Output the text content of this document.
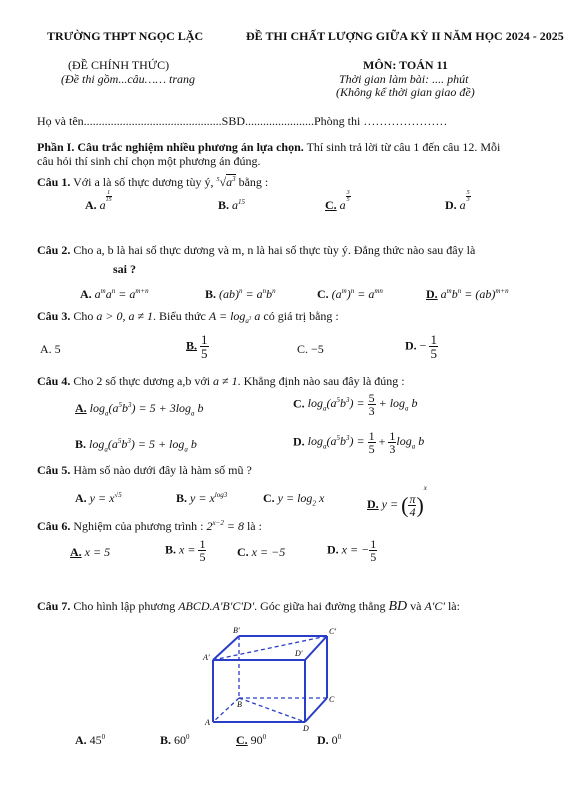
TRƯỜNG THPT NGỌC LẶC	ĐỀ THI CHẤT LƯỢNG GIỮA KỲ II NĂM HỌC 2024 - 2025
(ĐỀ CHÍNH THỨC)
(Đề thi gồm...câu…… trang
MÔN: TOÁN 11
Thời gian làm bài: .... phút
(Không kể thời gian giao đề)
Họ và tên..............................................SBD.......................Phòng thi …………………
Phần I. Câu trắc nghiệm nhiều phương án lựa chọn. Thí sinh trả lời từ câu 1 đến câu 12. Mỗi
câu hỏi thí sinh chỉ chọn một phương án đúng.
Câu 1. Với a là số thực dương tùy ý, $^5√a^3$ bằng :
A. a
$^{\frac{1}{15}}$
B. $a^{15}$	C. a
$^{\frac{3}{5}}$
D. a
$^{\frac{5}{3}}$
Câu 2. Cho a, b là hai số thực dương và m, n là hai số thực tùy ý. Đẳng thức nào sau đây là
sai ?
A. $a^ma^n = a^{m+n}$	B. $(ab)^n = a^nb^n$	C. $(a^m)^n = a^{mn}$	D. $a^mb^n = (ab)^{m+n}$
Câu 3. Cho a > 0, a ≠ 1. Biểu thức $A = \log_{a^3} a$ có giá trị bằng :
A. 5	B. $\frac{1}{5}$	C. −5	D. − $\frac{1}{5}$
Câu 4. Cho 2 số thực dương a,b với a ≠ 1. Khẳng định nào sau đây là đúng :
A. $\log_a(a^5b^3) = 5 + 3\log_a$ b	C. $\log_a(a^5b^3) = \frac{5}{3} + \log_a b$
B. $\log_a(a^5b^3) = 5 + \log_a b$	D. $\log_a(a^5b^3) = \frac{1}{5} + \frac{1}{3} \log_a b$
Câu 5. Hàm số nào dưới đây là hàm số mũ ?
A. $y = x^{√5}$	B. $y = x^{log3}$	C. $y = \log_2 x$	D. y = ( $\frac{\pi}{4} )^x$
Câu 6. Nghiệm của phương trình : $2^{x-2} = 8$ là :
A. x = 5	B. $x = \frac{1}{5}$	C. x = −5	D. x = − $\frac{1}{5}$
Câu 7. Cho hình lập phương ABCD.A'B'C'D'. Góc giữa hai đường thẳng BD và A'C' là:
B'	C'
A'	D'
B
C
A
D
A. $45^0$	B. $60^0$	C. $90^0$	D. $0^0$
